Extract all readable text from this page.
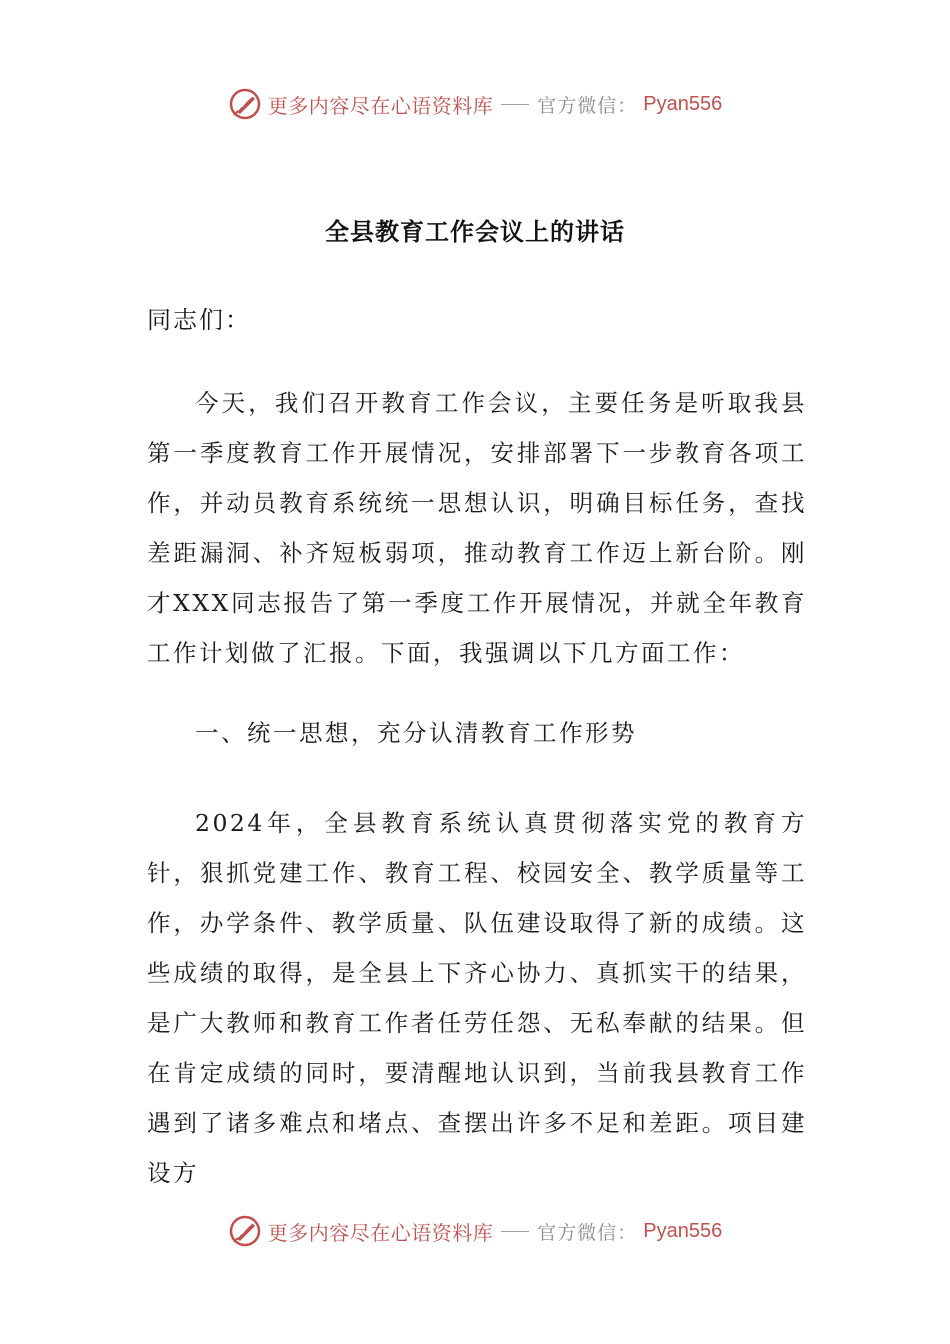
更多内容尽在心语资料库 官方微信： Pyan556
全县教育工作会议上的讲话
同志们：

今天，我们召开教育工作会议，主要任务是听取我县第一季度教育工作开展情况，安排部署下一步教育各项工作，并动员教育系统统一思想认识，明确目标任务，查找差距漏洞、补齐短板弱项，推动教育工作迈上新台阶。刚才XXX同志报告了第一季度工作开展情况，并就全年教育工作计划做了汇报。下面，我强调以下几方面工作：

一、统一思想，充分认清教育工作形势

2024年，全县教育系统认真贯彻落实党的教育方针，狠抓党建工作、教育工程、校园安全、教学质量等工作，办学条件、教学质量、队伍建设取得了新的成绩。这些成绩的取得，是全县上下齐心协力、真抓实干的结果，是广大教师和教育工作者任劳任怨、无私奉献的结果。但在肯定成绩的同时，要清醒地认识到，当前我县教育工作遇到了诸多难点和堵点、查摆出许多不足和差距。项目建设方

更多内容尽在心语资料库 官方微信： Pyan556
